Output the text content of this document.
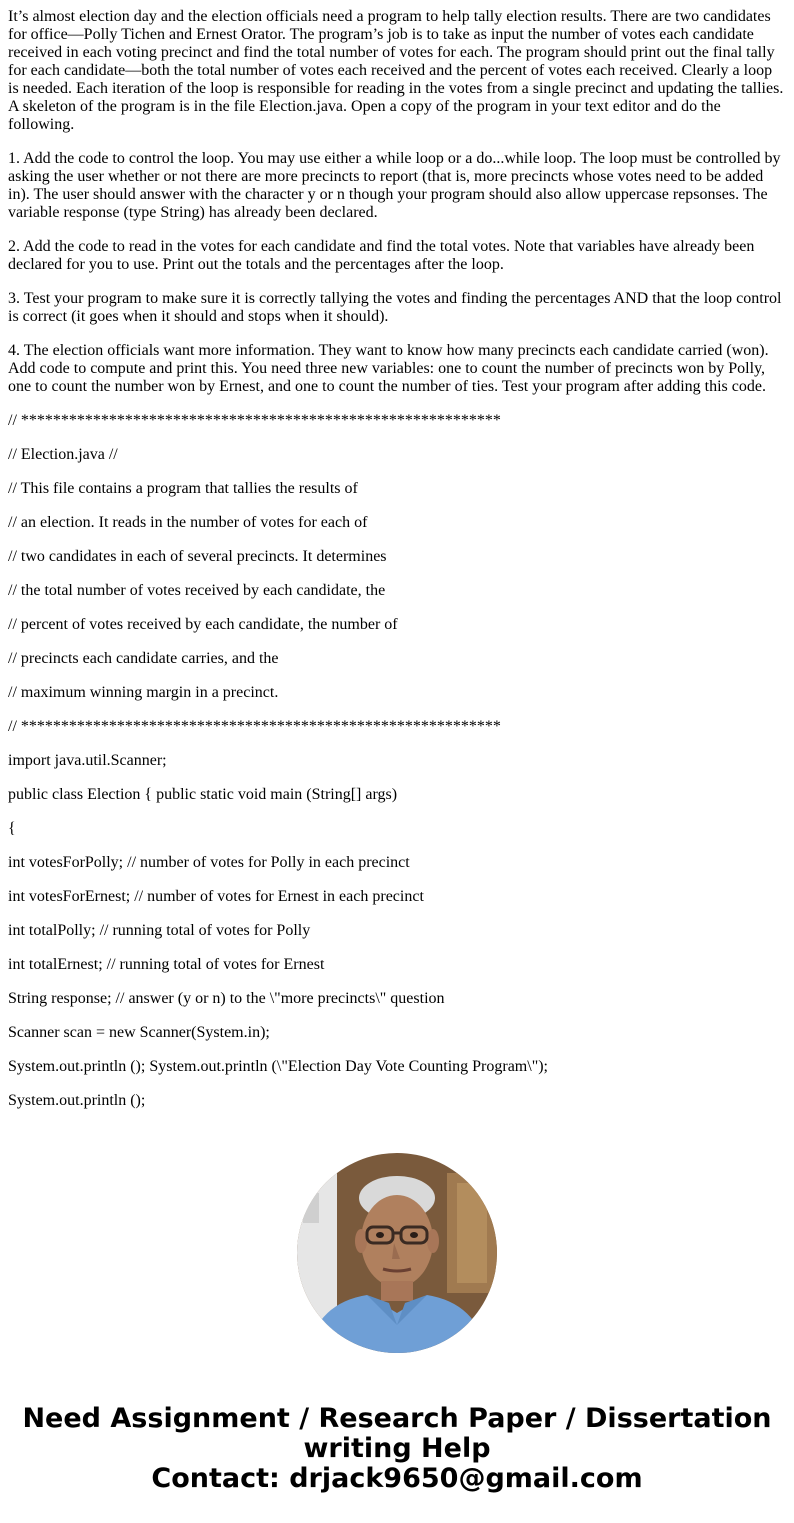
It’s almost election day and the election officials need a program to help tally election results. There are two candidates for office—Polly Tichen and Ernest Orator. The program’s job is to take as input the number of votes each candidate received in each voting precinct and find the total number of votes for each. The program should print out the final tally for each candidate—both the total number of votes each received and the percent of votes each received. Clearly a loop is needed. Each iteration of the loop is responsible for reading in the votes from a single precinct and updating the tallies. A skeleton of the program is in the file Election.java. Open a copy of the program in your text editor and do the following.

1. Add the code to control the loop. You may use either a while loop or a do...while loop. The loop must be controlled by asking the user whether or not there are more precincts to report (that is, more precincts whose votes need to be added in). The user should answer with the character y or n though your program should also allow uppercase repsonses. The variable response (type String) has already been declared.

2. Add the code to read in the votes for each candidate and find the total votes. Note that variables have already been declared for you to use. Print out the totals and the percentages after the loop.

3. Test your program to make sure it is correctly tallying the votes and finding the percentages AND that the loop control is correct (it goes when it should and stops when it should).

4. The election officials want more information. They want to know how many precincts each candidate carried (won). Add code to compute and print this. You need three new variables: one to count the number of precincts won by Polly, one to count the number won by Ernest, and one to count the number of ties. Test your program after adding this code.

// ************************************************************

// Election.java //

// This file contains a program that tallies the results of

// an election. It reads in the number of votes for each of

// two candidates in each of several precincts. It determines

// the total number of votes received by each candidate, the

// percent of votes received by each candidate, the number of

// precincts each candidate carries, and the

// maximum winning margin in a precinct.

// ************************************************************

import java.util.Scanner;

public class Election { public static void main (String[] args)

{

int votesForPolly; // number of votes for Polly in each precinct

int votesForErnest; // number of votes for Ernest in each precinct

int totalPolly; // running total of votes for Polly

int totalErnest; // running total of votes for Ernest

String response; // answer (y or n) to the \"more precincts\" question

Scanner scan = new Scanner(System.in);

System.out.println (); System.out.println (\"Election Day Vote Counting Program\");

System.out.println ();

Need Assignment / Research Paper / Dissertation
writing Help
Contact: drjack9650@gmail.com
